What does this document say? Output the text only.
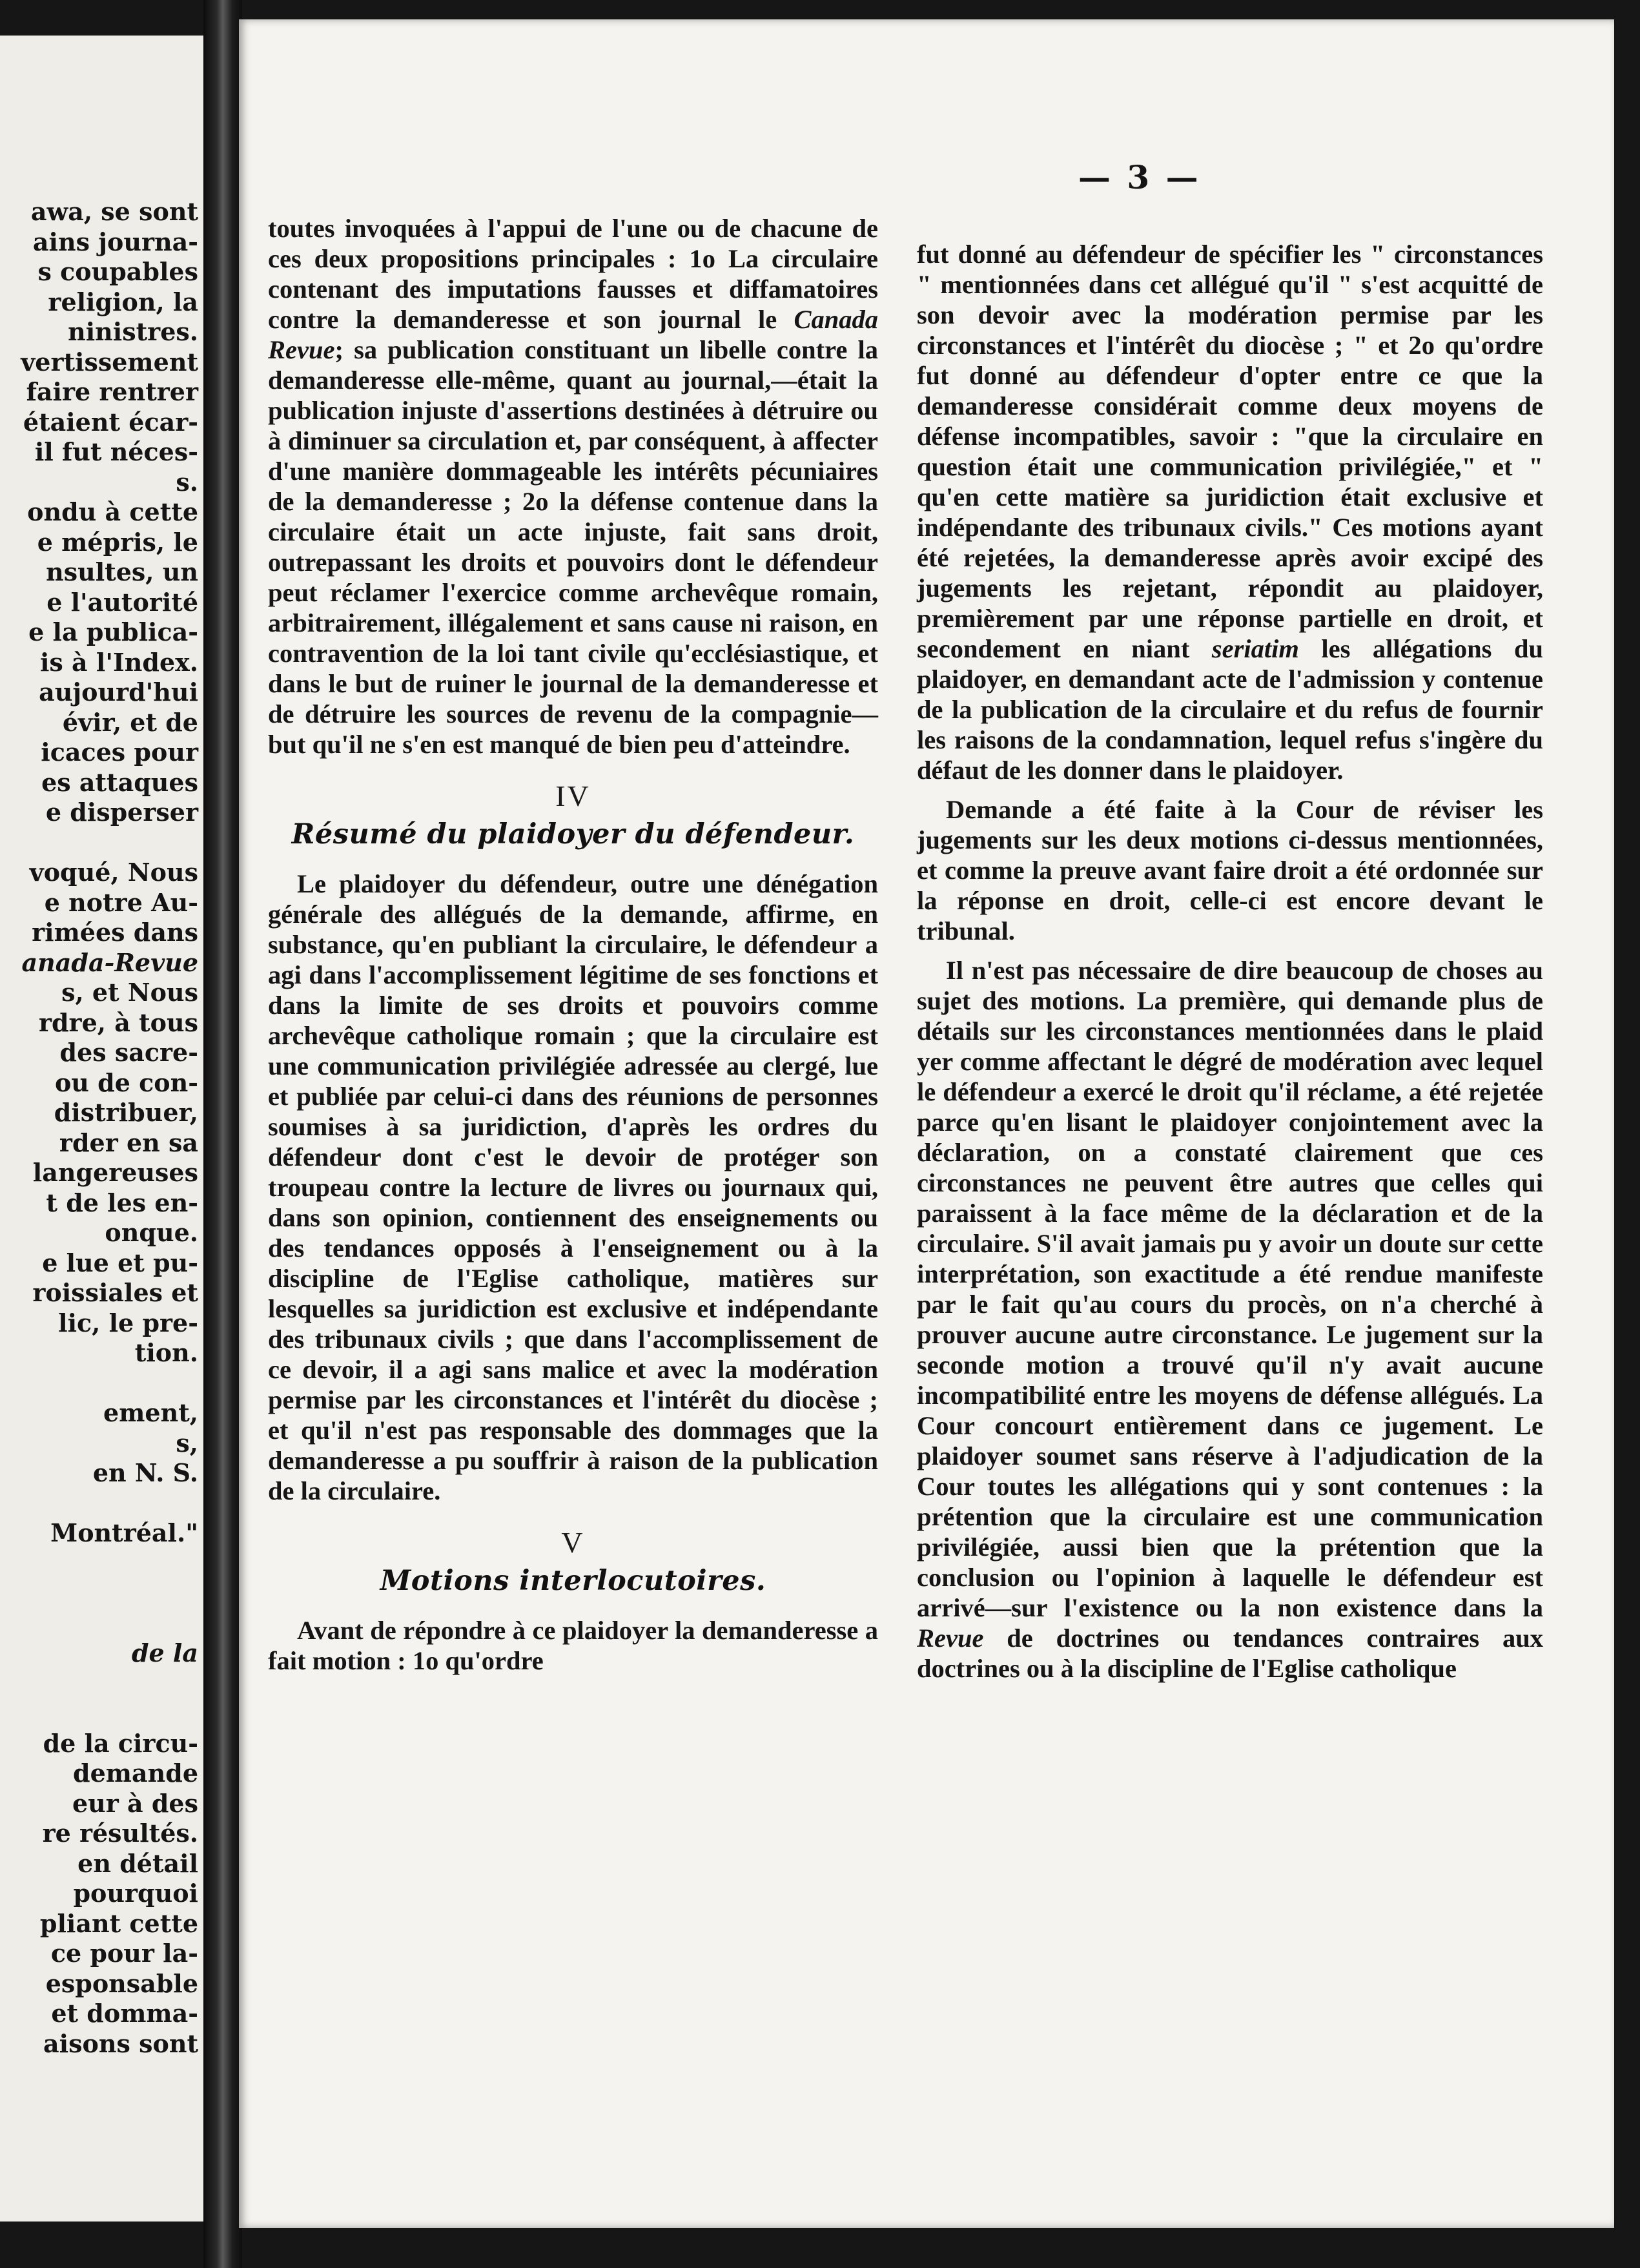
awa, se sont
ains journa-
s coupables
religion, la
ninistres.
vertissement
faire rentrer
étaient écar-
il fut néces-
s.
ondu à cette
e mépris, le
nsultes, un
e l'autorité
e la publica-
is à l'Index.
aujourd'hui
évir, et de
icaces pour
es attaques
e disperser
voqué, Nous
e notre Au-
rimées dans
anada-Revue
s, et Nous
rdre, à tous
des sacre-
ou de con-
distribuer,
rder en sa
langereuses
t de les en-
onque.
e lue et pu-
roissiales et
lic, le pre-
tion.
ement,
s,
en N. S.
Montréal."
de la
de la circu-
demande
eur à des
re résultés.
en détail
pourquoi
pliant cette
ce pour la-
esponsable
et domma-
aisons sont
— 3 —

toutes invoquées à l'appui de l'une ou de chacune de ces deux propositions principales : 1o La circulaire contenant des imputations fausses et diffamatoires contre la demanderesse et son journal le Canada Revue; sa publication constituant un libelle contre la demanderesse elle-même, quant au journal,—était la publication injuste d'assertions destinées à détruire ou à diminuer sa circulation et, par conséquent, à affecter d'une manière dommageable les intérêts pécuniaires de la demanderesse ; 2o la défense contenue dans la circulaire était un acte injuste, fait sans droit, outrepassant les droits et pouvoirs dont le défendeur peut réclamer l'exercice comme archevêque romain, arbitrairement, illégalement et sans cause ni raison, en contravention de la loi tant civile qu'ecclésiastique, et dans le but de ruiner le journal de la demanderesse et de détruire les sources de revenu de la compagnie—but qu'il ne s'en est manqué de bien peu d'atteindre.

IV
Résumé du plaidoyer du défendeur.

Le plaidoyer du défendeur, outre une dénégation générale des allégués de la demande, affirme, en substance, qu'en publiant la circulaire, le défendeur a agi dans l'accomplissement légitime de ses fonctions et dans la limite de ses droits et pouvoirs comme archevêque catholique romain ; que la circulaire est une communication privilégiée adressée au clergé, lue et publiée par celui-ci dans des réunions de personnes soumises à sa juridiction, d'après les ordres du défendeur dont c'est le devoir de protéger son troupeau contre la lecture de livres ou journaux qui, dans son opinion, contiennent des enseignements ou des tendances opposés à l'enseignement ou à la discipline de l'Eglise catholique, matières sur lesquelles sa juridiction est exclusive et indépendante des tribunaux civils ; que dans l'accomplissement de ce devoir, il a agi sans malice et avec la modération permise par les circonstances et l'intérêt du diocèse ; et qu'il n'est pas responsable des dommages que la demanderesse a pu souffrir à raison de la publication de la circulaire.

V
Motions interlocutoires.

Avant de répondre à ce plaidoyer la demanderesse a fait motion : 1o qu'ordre

fut donné au défendeur de spécifier les " circonstances " mentionnées dans cet allégué qu'il " s'est acquitté de son devoir avec la modération permise par les circonstances et l'intérêt du diocèse ; " et 2o qu'ordre fut donné au défendeur d'opter entre ce que la demanderesse considérait comme deux moyens de défense incompatibles, savoir : "que la circulaire en question était une communication privilégiée," et " qu'en cette matière sa juridiction était exclusive et indépendante des tribunaux civils." Ces motions ayant été rejetées, la demanderesse après avoir excipé des jugements les rejetant, répondit au plaidoyer, premièrement par une réponse partielle en droit, et secondement en niant seriatim les allégations du plaidoyer, en demandant acte de l'admission y contenue de la publication de la circulaire et du refus de fournir les raisons de la condamnation, lequel refus s'ingère du défaut de les donner dans le plaidoyer.

Demande a été faite à la Cour de réviser les jugements sur les deux motions ci-dessus mentionnées, et comme la preuve avant faire droit a été ordonnée sur la réponse en droit, celle-ci est encore devant le tribunal.

Il n'est pas nécessaire de dire beaucoup de choses au sujet des motions. La première, qui demande plus de détails sur les circonstances mentionnées dans le plaid yer comme affectant le dégré de modération avec lequel le défendeur a exercé le droit qu'il réclame, a été rejetée parce qu'en lisant le plaidoyer conjointement avec la déclaration, on a constaté clairement que ces circonstances ne peuvent être autres que celles qui paraissent à la face même de la déclaration et de la circulaire. S'il avait jamais pu y avoir un doute sur cette interprétation, son exactitude a été rendue manifeste par le fait qu'au cours du procès, on n'a cherché à prouver aucune autre circonstance. Le jugement sur la seconde motion a trouvé qu'il n'y avait aucune incompatibilité entre les moyens de défense allégués. La Cour concourt entièrement dans ce jugement. Le plaidoyer soumet sans réserve à l'adjudication de la Cour toutes les allégations qui y sont contenues : la prétention que la circulaire est une communication privilégiée, aussi bien que la prétention que la conclusion ou l'opinion à laquelle le défendeur est arrivé—sur l'existence ou la non existence dans la Revue de doctrines ou tendances contraires aux doctrines ou à la discipline de l'Eglise catholique
